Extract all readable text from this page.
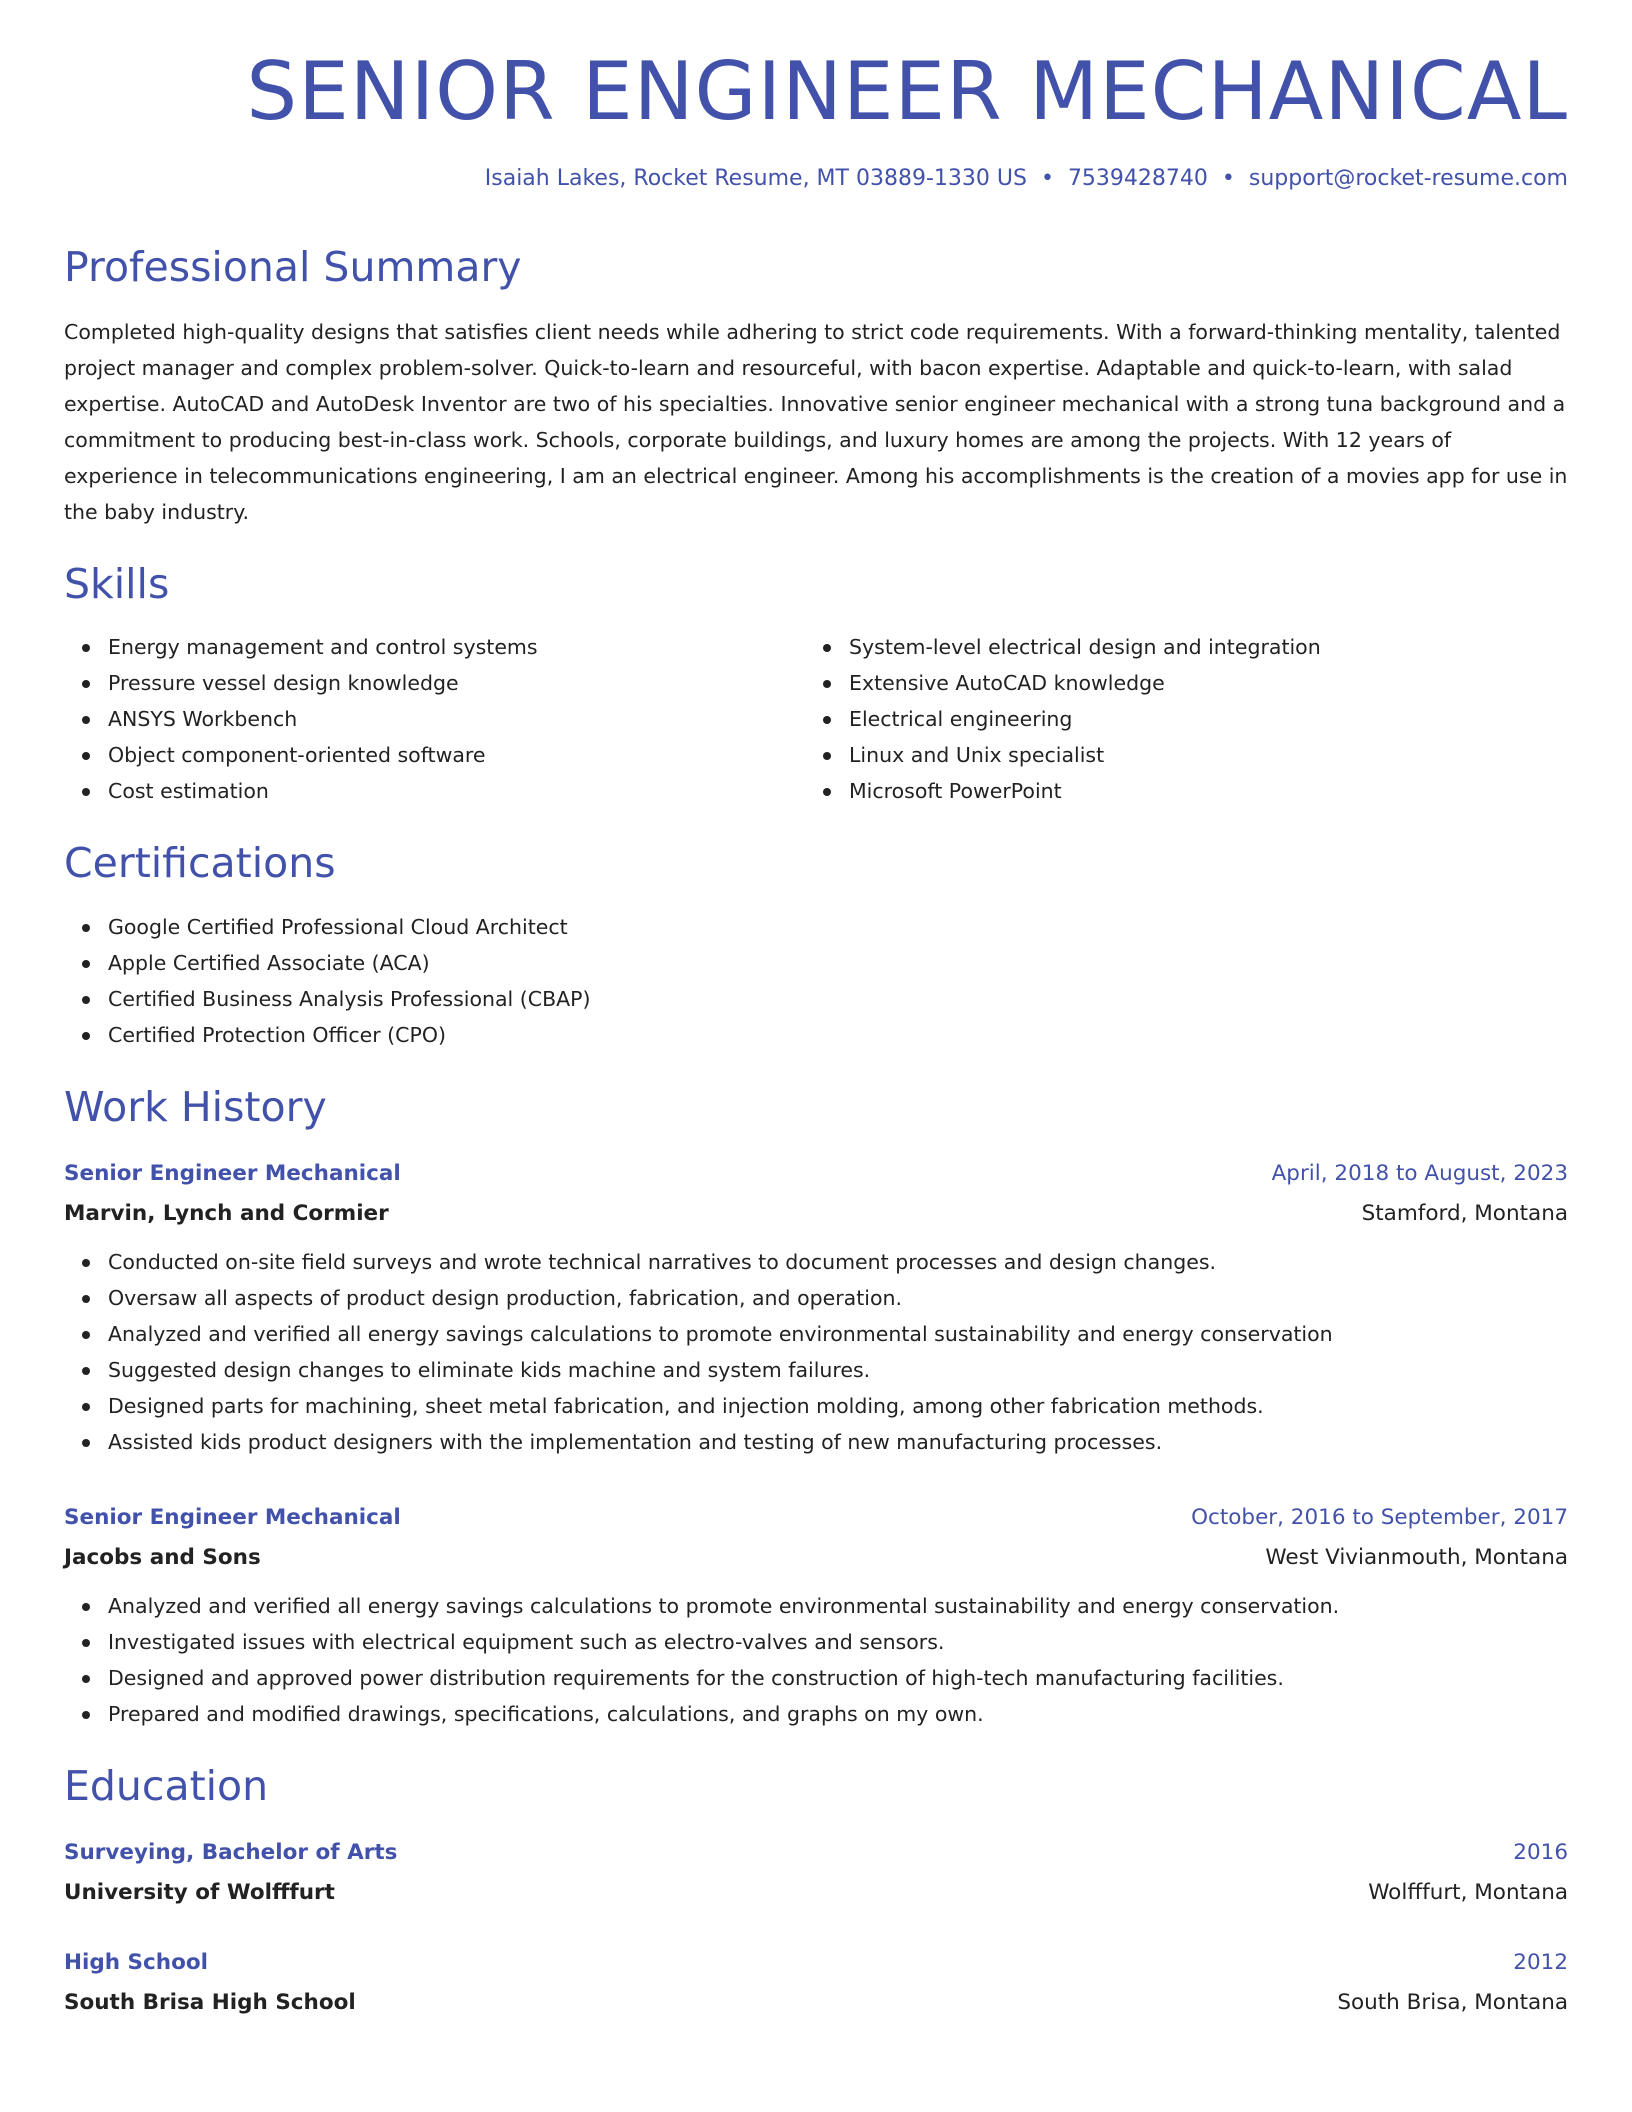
SENIOR ENGINEER MECHANICAL
Isaiah Lakes, Rocket Resume, MT 03889-1330 US • 7539428740 • support@rocket-resume.com
Professional Summary
Completed high-quality designs that satisfies client needs while adhering to strict code requirements. With a forward-thinking mentality, talented project manager and complex problem-solver. Quick-to-learn and resourceful, with bacon expertise. Adaptable and quick-to-learn, with salad expertise. AutoCAD and AutoDesk Inventor are two of his specialties. Innovative senior engineer mechanical with a strong tuna background and a commitment to producing best-in-class work. Schools, corporate buildings, and luxury homes are among the projects. With 12 years of experience in telecommunications engineering, I am an electrical engineer. Among his accomplishments is the creation of a movies app for use in the baby industry.
Skills
Energy management and control systems
Pressure vessel design knowledge
ANSYS Workbench
Object component-oriented software
Cost estimation
System-level electrical design and integration
Extensive AutoCAD knowledge
Electrical engineering
Linux and Unix specialist
Microsoft PowerPoint
Certifications
Google Certified Professional Cloud Architect
Apple Certified Associate (ACA)
Certified Business Analysis Professional (CBAP)
Certified Protection Officer (CPO)
Work History
Senior Engineer Mechanical	April, 2018 to August, 2023
Marvin, Lynch and Cormier	Stamford, Montana
Conducted on-site field surveys and wrote technical narratives to document processes and design changes.
Oversaw all aspects of product design production, fabrication, and operation.
Analyzed and verified all energy savings calculations to promote environmental sustainability and energy conservation
Suggested design changes to eliminate kids machine and system failures.
Designed parts for machining, sheet metal fabrication, and injection molding, among other fabrication methods.
Assisted kids product designers with the implementation and testing of new manufacturing processes.
Senior Engineer Mechanical	October, 2016 to September, 2017
Jacobs and Sons	West Vivianmouth, Montana
Analyzed and verified all energy savings calculations to promote environmental sustainability and energy conservation.
Investigated issues with electrical equipment such as electro-valves and sensors.
Designed and approved power distribution requirements for the construction of high-tech manufacturing facilities.
Prepared and modified drawings, specifications, calculations, and graphs on my own.
Education
Surveying, Bachelor of Arts	2016
University of Wolfffurt	Wolfffurt, Montana
High School	2012
South Brisa High School	South Brisa, Montana
